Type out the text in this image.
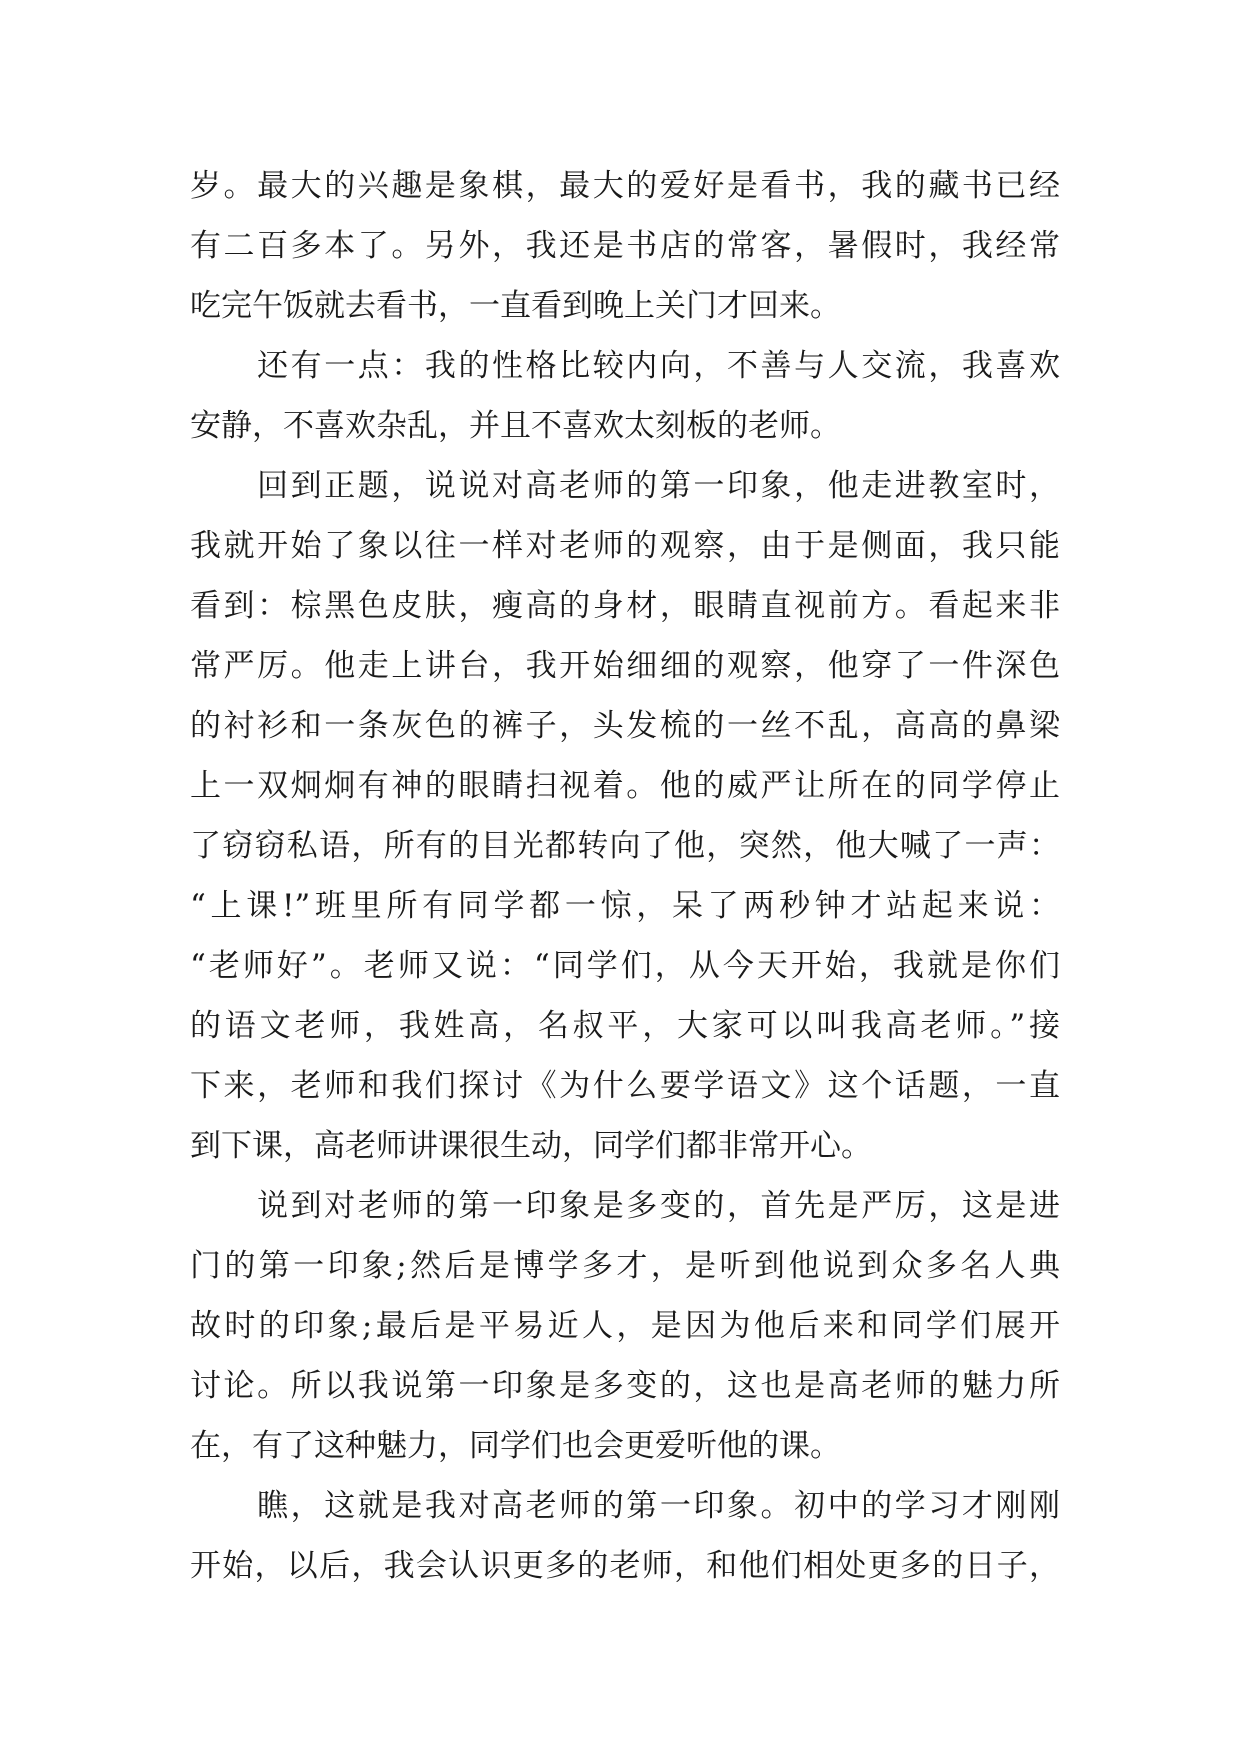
岁。最大的兴趣是象棋，最大的爱好是看书，我的藏书已经
有二百多本了。另外，我还是书店的常客，暑假时，我经常
吃完午饭就去看书，一直看到晚上关门才回来。
　　还有一点：我的性格比较内向，不善与人交流，我喜欢
安静，不喜欢杂乱，并且不喜欢太刻板的老师。
　　回到正题，说说对高老师的第一印象，他走进教室时，
我就开始了象以往一样对老师的观察，由于是侧面，我只能
看到：棕黑色皮肤，瘦高的身材，眼睛直视前方。看起来非
常严厉。他走上讲台，我开始细细的观察，他穿了一件深色
的衬衫和一条灰色的裤子，头发梳的一丝不乱，高高的鼻梁
上一双炯炯有神的眼睛扫视着。他的威严让所在的同学停止
了窃窃私语，所有的目光都转向了他，突然，他大喊了一声：
“上课!”班里所有同学都一惊，呆了两秒钟才站起来说：
“老师好”。老师又说：“同学们，从今天开始，我就是你们
的语文老师，我姓高，名叔平，大家可以叫我高老师。”接
下来，老师和我们探讨《为什么要学语文》这个话题，一直
到下课，高老师讲课很生动，同学们都非常开心。
　　说到对老师的第一印象是多变的，首先是严厉，这是进
门的第一印象;然后是博学多才，是听到他说到众多名人典
故时的印象;最后是平易近人，是因为他后来和同学们展开
讨论。所以我说第一印象是多变的，这也是高老师的魅力所
在，有了这种魅力，同学们也会更爱听他的课。
　　瞧，这就是我对高老师的第一印象。初中的学习才刚刚
开始，以后，我会认识更多的老师，和他们相处更多的日子，
